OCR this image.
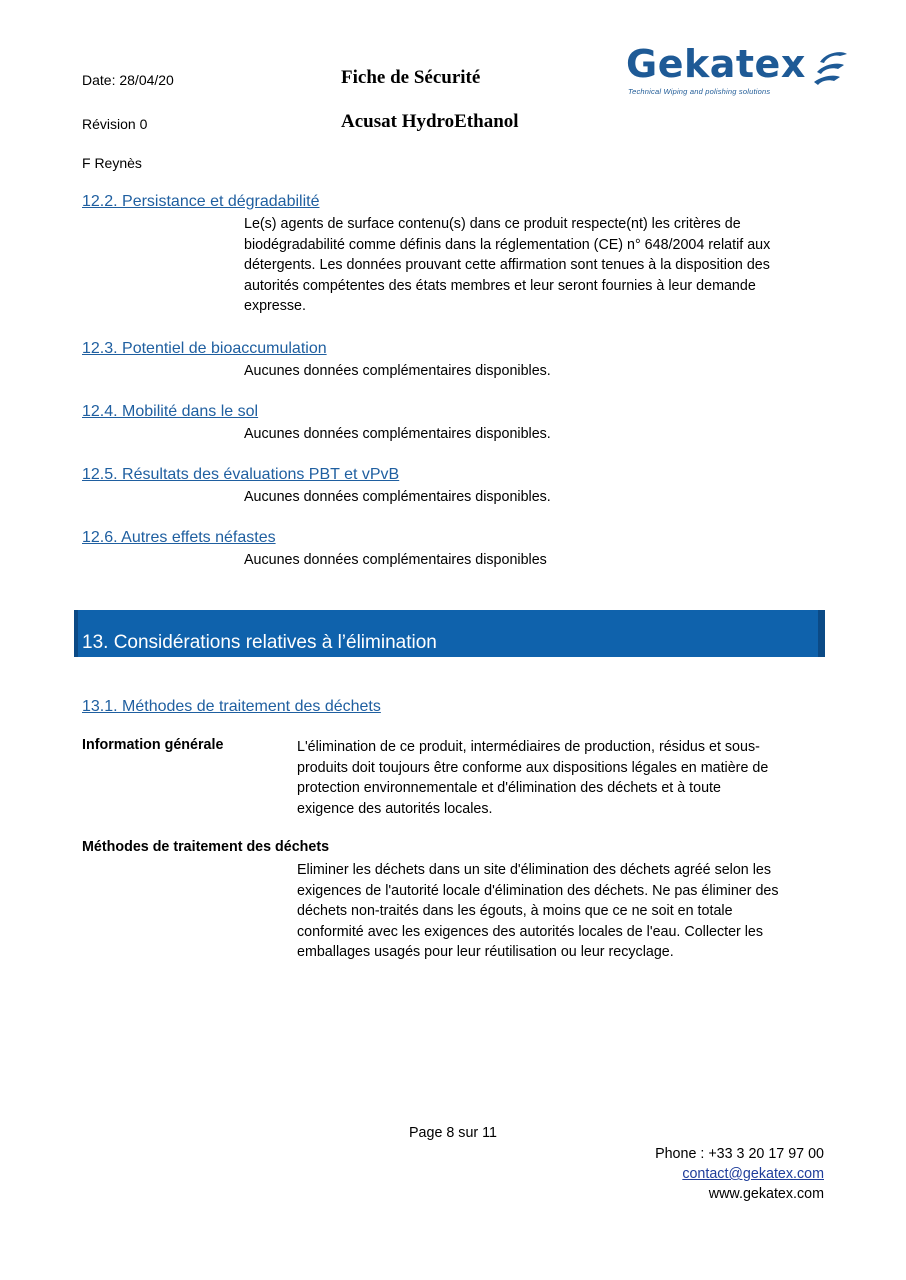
Date: 28/04/20
Révision 0
F Reynès
Fiche de Sécurité
Acusat HydroEthanol
Gekatex
Technical Wiping and polishing solutions
12.2. Persistance et dégradabilité
Le(s) agents de surface contenu(s) dans ce produit respecte(nt) les critères de
biodégradabilité comme définis dans la réglementation (CE) n° 648/2004 relatif aux
détergents. Les données prouvant cette affirmation sont tenues à la disposition des
autorités compétentes des états membres et leur seront fournies à leur demande
expresse.
12.3. Potentiel de bioaccumulation
Aucunes données complémentaires disponibles.
12.4. Mobilité dans le sol
Aucunes données complémentaires disponibles.
12.5. Résultats des évaluations PBT et vPvB
Aucunes données complémentaires disponibles.
12.6. Autres effets néfastes
Aucunes données complémentaires disponibles
13. Considérations relatives à l’élimination
13.1. Méthodes de traitement des déchets
Information générale	L'élimination de ce produit, intermédiaires de production, résidus et sous-
produits doit toujours être conforme aux dispositions légales en matière de
protection environnementale et d'élimination des déchets et à toute
exigence des autorités locales.
Méthodes de traitement des déchets
Eliminer les déchets dans un site d'élimination des déchets agréé selon les
exigences de l'autorité locale d'élimination des déchets. Ne pas éliminer des
déchets non-traités dans les égouts, à moins que ce ne soit en totale
conformité avec les exigences des autorités locales de l'eau. Collecter les
emballages usagés pour leur réutilisation ou leur recyclage.
Page 8 sur 11
Phone : +33 3 20 17 97 00
contact@gekatex.com
www.gekatex.com
